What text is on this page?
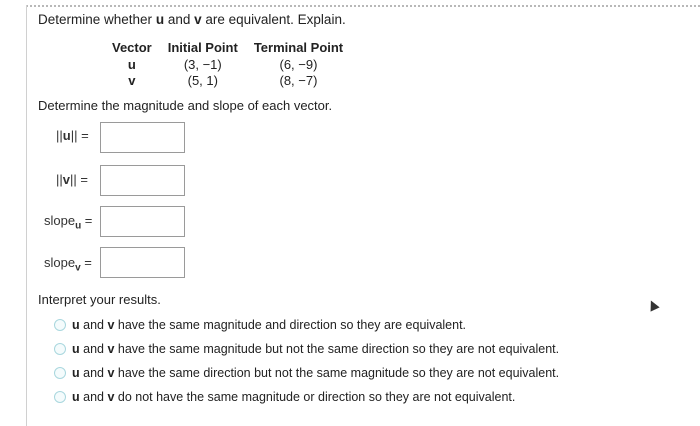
Determine whether u and v are equivalent. Explain.
Vector	Initial Point	Terminal Point
u	(3, −1)	(6, −9)
v	(5, 1)	(8, −7)
Determine the magnitude and slope of each vector.
||u|| =
||v|| =
slope$_u$ =
slope$_v$ =
Interpret your results.
u and v have the same magnitude and direction so they are equivalent.
u and v have the same magnitude but not the same direction so they are not equivalent.
u and v have the same direction but not the same magnitude so they are not equivalent.
u and v do not have the same magnitude or direction so they are not equivalent.
